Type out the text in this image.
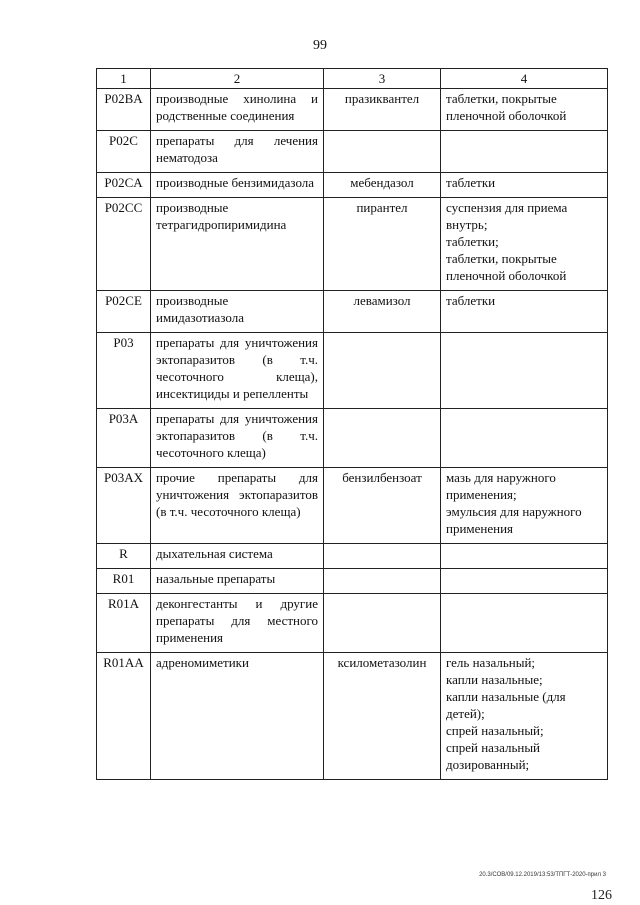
99
1	2	3	4
P02BA	производные хинолина и родственные соединения	празиквантел	таблетки, покрытые пленочной оболочкой

P02C	препараты для лечения нематодоза		
P02CA	производные бензимидазола	мебендазол	таблетки

P02CC	производные тетрагидропиримидина	пирантел	суспензия для приема внутрь;
таблетки;
таблетки, покрытые пленочной оболочкой

P02CE	производные имидазотиазола	левамизол	таблетки

P03	препараты для уничтожения эктопаразитов (в т.ч. чесоточного клеща), инсектициды и репелленты		
P03A	препараты для уничтожения эктопаразитов (в т.ч. чесоточного клеща)		
P03AX	прочие препараты для уничтожения эктопаразитов (в т.ч. чесоточного клеща)	бензилбензоат	мазь для наружного применения;
эмульсия для наружного применения

R	дыхательная система		
R01	назальные препараты		
R01A	деконгестанты и другие препараты для местного применения		
R01AA	адреномиметики	ксилометазолин	гель назальный;
капли назальные;
капли назальные (для детей);
спрей назальный;
спрей назальный дозированный;
20.3/СОВ/09.12.2019/13:53/ТПГТ-2020-прил 3
126
